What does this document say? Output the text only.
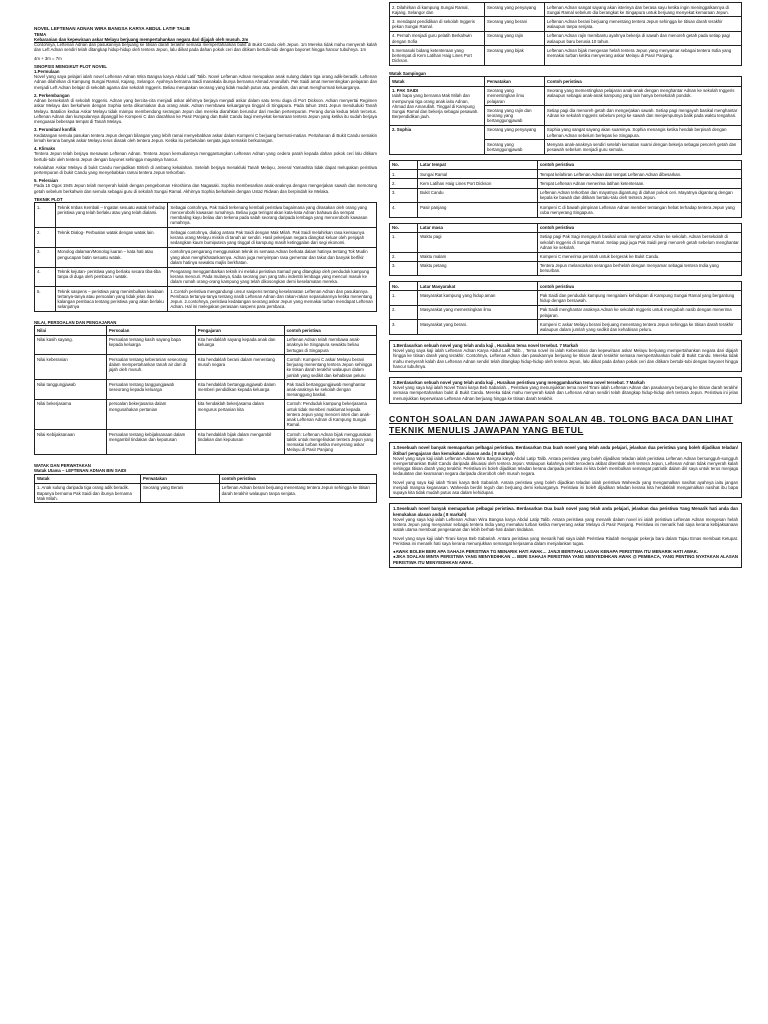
NOVEL LEFTENAN ADNAN WIRA BANGSA KARYA ABDUL LATIF TALIB
TEMA
Kebaranian dan kepewiraan askar Melayu berjuang mempertahankan negara dari dijajah oleh musuh. 2m
Contohnya, Leftenan Adnan dan pasukannya berjuang ke titisan darah terakhir semasa mempertahankan bukit di Bukit Candu oleh Jepun. 1m Mereka tidak mahu menyerah kalah dan Left Adnan sendiri telah ditangkap hidup-hidup oleh tentera Jepun, lalu diikat pada dahan pokok ceri dan ditikam bertubi-tubi dengan bayonet hingga hancur tubuhnya. 1m
4m + 3m = 7m
SINOPSIS MENGIKUT PLOT NOVEL
1.Permulaan
Novel yang saya pelajari ialah novel Leftenan Adnan Wira Bangsa karya Abdul Latif Talib. Novel Leftenan Adnan merupakan anak sulung dalam tiga orang adik-beradik. Leftenan Adnan dilahirkan di Kampung Sungai Ramal, Kajang, Selangor. Ayahnya bernama Saidi manakala ibunya bernama Ahmad Amarullah. Pak Saidi amat mementingkan pelajaran dan menjadi Left Adnan belajar di sekolah agama dan sekolah Inggeris. Beliau merupakan seorang yang tidak mudah putus asa, pendiam, dan amat menghormati keluarganya.
2. Perkembangan
Adnan bersekolah di sekolah Inggeris. Adnan yang bercita-cita menjadi askar akhirnya berjaya menjadi askar dalam satu temu duga di Port Dickson. Adnan menyertai Regimen askar Melayu dan berkahwin dengan Sophia serta dikurniakan dua orang anak. Adnan membawa keluarganya tinggal di Singapura. Pada tahun 1941 Jepun menduduki Tanah Melayu. Batalion kedua Askar Melayu tidak mampu membendung serangan Jepun dan mereka diarahkan berundur dari medan pertempuran. Perang dunia kedua telah tercetus. Leftenan Adnan dan kumpulannya dipanggil ke Kompeni C dan diarahkan ke Pasir Panjang dan Bukit Candu bagi menyekat kemaraan tentera Jepun yang ketika itu sudah berjaya menguasai beberapa tempat di Tanah Melayu.
3. Perumitan/ konflik
Kedatangan semula pasukan tentera Jepun dengan bilangan yang lebih ramai menyebabkan askar dalam Kompeni C berjuang bermati-matian. Pertahanan di Bukit Candu semakin lemah kerana banyak askar Melayu terus diasak oleh tentera Jepun. Ketika itu perbekalan senjata juga semakin berkurangan.
4. Klimaks
Tentera Jepun telah berjaya menawan Leftenan Adnan. Tentera Jepun kemudiannya menggantungkan Leftenan Adnan yang cedera parah kepada dahan pokok ceri lalu ditikam bertubi-tubi oleh tentera Jepun dengan bayonet sehingga mayatnya hancur.
Kekalahan Askar Melayu di bukit Candu menjadikan British di ambang kekalahan. Setelah berjaya menakluki Tanah Melayu, Jeneral Yamashita tidak dapat melupakan peristiwa pertempuran di bukit Candu yang menyebabkan ramai tentera Jepun terkorban.
5. Peleraian
Pada 15 Ogos 1945 Jepun telah menyerah kalah dengan pengeboman Hiroshima dan Nagasaki. Sophia membesarkan anak-anaknya dengan mengerjakan sawah dan memotong getah sebelum berkahwin dan semula sebagai guru di sekolah Sungai Ramal. Akhirnya Sophia berkahwin dengan Ustaz Ridwan dan berpindah ke Melaka.
TEKNIK PLOT
1.	Teknik Imbas Kembali – Ingatan sesuatu watak terhadap peristiwa yang telah berlaku atau yang telah dialami.	Sebagai contohnya, Pak Saidi terkenang kembali peristiwa bagaimana yang dirasakan oleh orang yang mencerobohi kawasan rumahnya. Beliau juga teringat akan kata-kata Adnan bahawa dia sempat membaling kayu beliau dan terkena pada salah seorang daripada lembaga yang mencerobohi kawasan rumahnya.
2.	Teknik Dialog- Perbualan watak dengan watak lain.	Sebagai contohnya, dialog antara Pak Saidi dengan Mak Milah. Pak Saidi melahirkan rasa kerisaunya kerana orang Melayu miskin di tanah air sendiri. Hasil pekerjaan negara diangkut keluar oleh penjajah sedangkan kaum bumiputera yang tinggal di kampung masih ketinggalan dari segi ekonomi.
3.	Monolog dalaman/Monolog luaran – kata hati atau pengucapan batin sesuatu watak.	contohnya pengarang menggunakan teknik ini semasa Adnan berkata dalam hatinya tentang Tok Mudin yang akan menghkhatankannya. Adnan juga menyimpan rasa gementar dan takut dan banyak berfikir dalam hatinya sewaktu majlis berkhatan.
4.	Teknik kejutan- peristiwa yang berlaku secara tiba-tiba tanpa di duga oleh pembaca / watak.	Pengarang menggambarkan teknik ini melalui peristiwa Samad yang ditangkap oleh penduduk kampung kerana mencuri. Pada mulanya, tiada seorang pun yang tahu indentiti lembaga yang mencuri masuk ke dalam rumah orang-orang kampung yang telah dikosongkan demi keselamatan mereka.
5.	Teknik saspens – peristiwa yang menimbulkan keadaan tertanya-tanya atau persoalan yang tidak jelas dan kalangan pembaca tentang peristiwa yang akan berlaku selanjutnya	1.Contoh peristiwa mengandungi unsur saspens tentang keselamatan Leftenan Adnan dan pasukannya. Pembaca tertanya-tanya tentang nasib Leftenan Adnan dan rakan-rakan sepasukannya ketika menentang Jepun. 2.contohnya, peristiwa kedatangan seorang askar Jepun yang memakai turban mendapat Leftenan Adnan. Hal ini melegakan perasaan saspens para pembaca.
NILAI, PERSOALAN DAN PENGAJARAN
Nilai	Persoalan	Pengajaran	contoh peristiwa
Nilai kasih sayang.	Persoalan tentang kasih sayang bapa kepada keluarga	Kita hendaklah sayang kepada anak dan keluarga	Leftenan Adnan telah membawa anak-anaknya ke Singapura sewaktu beliau bertugas di Singapura
Nilai keberanian	Persoalan tentang keberanian seseorang dalam mempertahankan tanah air dari di jajah oleh musuh.	Kita hendaklah berani dalam menentang musuh negara	Contoh: Kompeni C askar Melayu berani berjuang menentang tentera Jepun sehingga ke titisan darah terakhir walaupun dalam jumlah yang sedikit dan kehabisan peluru
Nilai tanggungjawab	Persoalan tentang tanggungjawab seseorang kepada keluarga	Kita hendaklah bertanggungjawab dalam memberi pendidikan kepada keluarga	Pak Saidi bertanggungjawab menghantar anak-anaknya ke sekolah dengan menanggung baskal.
Nilai bekerjasama	persoalan bekerjasama dalam mengusahakan pertanian	kita hendaklah bekerjasama dalam mengurus pertanian kita	Contoh: Penduduk kampung bekerjasama untuk tidak memberi maklumat kepada tentera Jepun yang menceri isteri dan anak-anak Leftenan Adnan di Kampung Sungai Ramal.
Nilai Kebijaksanaan	Persoalan tentang kebijaksanaan dalam mengambil tindakan dan keputusan	Kita hendaklah bijak dalam mengambil tindakan dan keputusan	Contoh: Leftenan Adnan bijak menggunakan taktik untuk mengelirukan tentera Jepun yang memakai turban ketika menyerang askar Melayu di Pasir Panjang
WATAK DAN PERWATAKAN
Watak Utama – LEFTENAN ADNAN BIN SAIDI
Watak	Perwatakan	contoh peristiwa
1. Anak sulung daripada tiga orang adik beradik. Bapanya bernama Pak Saidi dan ibunya bernama Mak Milah.	Seorang yang Berani	Leftenan Adnan berani berjuang menentang tentera Jepun sehingga ke titisan darah terakhir walaupun tanpa senjata.
2. Dilahirkan di kampung Sungai Ramal, Kajang, Selangor dan	Seorang yang penyayang	Leftenan Adnan sangat sayang akan isterinya dan berasa sayu ketika ingin meninggalkannya di Sungai Ramal sebelum dia berangkat ke Singapura untuk berjuang menyekat kemaraan Jepun.
3. mendapat pendidikan di sekolah Inggeris pekan Sungai Ramal.	Seorang yang berani	Leftenan Adnan berani berjuang menentang tentera Jepun sehingga ke titisan darah terakhir walaupun tanpa senjata.
4. Pernah menjadi guru pelatih Berkahwin dengan Sofia	Seorang yang rajin	Leftenan Adnan rajin membantu ayahnya bekerja di sawah dan menoreh getah pada setiap pagi walaupun baru berusia 10 tahun.
5.memasuki bidang ketenteraan yang bertempat di Kem Latihan Haig Lines Port Dickson.	Seorang yang bijak	Leftenan Adnan bijak mengesan helah tentera Jepun yang menyamar sebagai tentera India yang memakai turban ketika menyerang askar Melayu di Pasir Panjang.
Watak Sampingan
Watak	Perwatakan	Contoh peristiwa

1. PAK SAIDI
Ialah bapa yang bernama Mak Milah dan mempunyai tiga orang anak iaitu Adnan, Ahmad dan Amarullah. Tinggal di Kampung Sungai Ramal dan bekerja sebagai pesawah. Berpendidikan jauh.	Seorang yang mementingkan ilmu pelajaran	Seorang yang mementingkan pelajaran anak-anak dengan menghantar Adnan ke sekolah Inggeris walaupun sebagai anak-anak kampung yang lain hanya bersekolah pondok.
	Seorang yang rajin dan seorang yang bertanggungjawab	Setiap pagi dia menoreh getah dan mengerjakan sawah. Setiap pagi mengayuh basikal menghantar Adnan ke sekolah Inggeris sebelum pergi ke sawah dan menjemputnya balik pada waktu tengahari.

2. Sophia	Seorang yang penyayang	Sophia yang sangat sayang akan suaminya. Sophia menangis ketika hendak berpisah dengan Leftenan Adnan sebelum berlepas ke Singapura.
	Seorang yang bertanggungjawab	Menyara anak-anaknya sendiri setelah kematian suami dengan bekerja sebagai penoreh getah dan pesawah sebelum menjadi guru semula.
No.	Latar tempat	contoh peristiwa
1.	Sungai Ramal	Tempat kelahiran Leftenan Adnan dan tempat Leftenan Adnan dibesarkan.
2.	Kem Latihan Haig Lines Port Dickson	Tempat Leftenan Adnan menerima latihan ketenteraan.
3.	Bukit Candu	Leftenan Adnan terkorban dan mayatnya digantung di dahan pokok ceri. Mayatnya digantung dengan kepala ke bawah dan ditikam bertalu-talu oleh tentera Jepun.
4.	Pasir panjang	Kompeni C di bawah pimpinan Leftenan Adnan member tentangan hebat terhadap tentera Jepun yang cuba menyerang Singapura.
No.	Latar masa	contoh peristiwa
1.	Waktu pagi	Setiap pagi Pak Sagi mengayuh basikal untuk menghantar Adnan ke sekolah. Adnan bersekolah di sekolah Inggeris di Sungai Ramal. Setiap pagi juga Pak Saidi pergi menoreh getah sebelum menghantar Adnan ke sekolah.
2.	Waktu malam	Kompeni C menerima perintah untuk bergerak ke Bukit Candu.
3.	Waktu petang	Tentera Jepun melancarkan serangan berhelah dengan menyamar sebagai tentera India yang bersurban.
No.	Latar Masyarakat	contoh peristiwa
1.	Masyarakat kampung yang hidup aman	Pak Saidi dan penduduk kampung mengalami kehidupan di Kampung Sungai Ramal yang bergantung hidup dengan bersawah.
2.	Masyarakat yang mementingkan ilmu	Pak Saidi menghantar anaknya Adnan ke sekolah Inggeris untuk mengubah nasib dengan menerima pelajaran.
3.	Masyarakat yang berani.	Kompeni C askar Melayu berani berjuang menentang tentera Jepun sehingga ke titisan darah terakhir walaupun dalam jumlah yang sedikit dan kehabisan peluru.
1.Berdasarkan sebuah novel yang telah anda kaji , Huraikan tema novel tersebut. 7 Markah
Novel yang saya kaji ialah Leftenan Adnan Karya Abdul Latif Talib. , Tema novel ini ialah Keberanian dan kepewiraan askar Melayu berjuang mempertahankan negara dari dijajah hingga ke titisan darah yang terakhir. Contohnya, Leftenan Adnan dan pasukannya berjuang ke titisan darah terakhir semasa mempertahankan bukit di Bukit Candu. Mereka tidak mahu menyerah kalah dan Leftenan Adnan sendiri telah ditangkap hidup-hidup oleh tentera Jepun, lalu diikat pada dahan pokok ceri dan ditikam bertubi-tubi dengan bayonet hingga hancur tubuhnya.
2.Berdasarkan sebuah novel yang telah anda kaji , Huraikan peristiwa yang menggambarkan tema novel tersebut. 7 Markah
Novel yang saya kaji ialah Novel Tirani karya Beb Sabariah. , Peristiwa yang menunjukkan tema novel Tirani ialah Leftenan Adnan dan pasukannya berjuang ke titisan darah terakhir semasa mempertahankan bukit di Bukit Candu. Mereka tidak mahu menyerah kalah dan Leftenan Adnan sendiri telah ditangkap hidup-hidup oleh tentera Jepun. Peristiwa ini jelas menunjukkan keperwiraan Leftenan Adnan berjuang hingga ke titisan darah terakhir.
CONTOH SOALAN DAN JAWAPAN SOALAN 4B. TOLONG BACA DAN LIHAT TEKNIK MENULIS JAWAPAN YANG BETUL
1.Sesebuah novel banyak memaparkan pelbagai peristiwa. Berdasarkan Dua buah novel yang telah anda pelajari, jelaskan dua peristiwa yang boleh dijadikan teladan/ iktibar/ pengajaran dan kemukakan alasan anda ( 8 markah)
Novel yang saya kaji ialah Leftenan Adnan Wira Bangsa karya Abdul Latip Talib. Antara peristiwa yang boleh dijadikan teladan ialah peristiwa Leftenan Adnan bersungguh-sungguh mempertahankan Bukit Candu daripada dikuasai oleh tentera Jepun. Walaupun kalahnya telah tercedera akibat ditembak oleh tentera Jepun, Leftenan Adnan tidak menyerah kalah sehingga titisan darah yang terakhir. Peristiwa ini boleh dijadikan teladan kerana daripada peristiwa ini kita boleh membulkan semangat patriotik dalam diri saya untuk terus menjaga kedaulatan dan keamanan negara daripada diceroboh oleh musuh negara.
Novel yang saya kaji ialah Tirani karya Beb Sabariah. Antara peristiwa yang boleh dijadikan teladan ialah peristiwa Waheeda yang mengamalkan nasihat ayahnya iaitu jangan menjadi mangsa keganasan. Waheeda berdiri teguh dan berjuang demi keluarganya. Peristiwa ini boleh dijadikan teladan kerana kita hendaklah mengamalkan nasihat ibu bapa supaya kita tidak mudah putus asa dalam kehidupan.
1.Sesebuah novel banyak memaparkan pelbagai peristiwa. Berdasarkan Dua buah novel yang telah anda pelajari, jelaskan dua peristiwa Yang Menarik hati anda dan kemukakan alasan anda ( 8 markah)
Novel yang saya kaji ialah Leftenan Adnan Wira Bangsa karya Abdul Latip Talib. Antara peristiwa yang menarik dalam novel ini ialah peristiwa Leftenan Adnan mengesan helah tentera Jepun yang menyamar sebagai tentera India yang memakai turban ketika menyerang askar Melayu di Pasir Panjang. Peristiwa ini menarik hati saya kerana kebijaksanaan watak utama membuat pengesanan dan lebih berhati-hati dalam tindakan.
Novel yang saya kaji ialah Tirani karya Beb Sabariah. Antara peristiwa yang menarik hati saya ialah Peristiwa Riadah mengajar pekerja baru dalam Tajau Emas membuat Ketupat. Peristiwa ini menarik hati saya kerana menunjukkan semangat kerjasama dalam menjalankan tugas.
●AWAK BOLEH BERI APA SAHAJA PERISTIWA TG MENARIK HATI AWAK… JANJI BERITAHU LASAN KENAPA PERISTIWA ITU MENARIK HATI AWAK.
●JIKA SOALAN MINTA PERISTIWA YANG MENYEDIHKAN … BERI SAHAJA PERISTIWA YANG MENYEDIHKAN AWAK @ PEMBACA, YANG PENTING NYATAKAN ALASAN PERISTIWA ITU MENYEDIHKAN AWAK.
